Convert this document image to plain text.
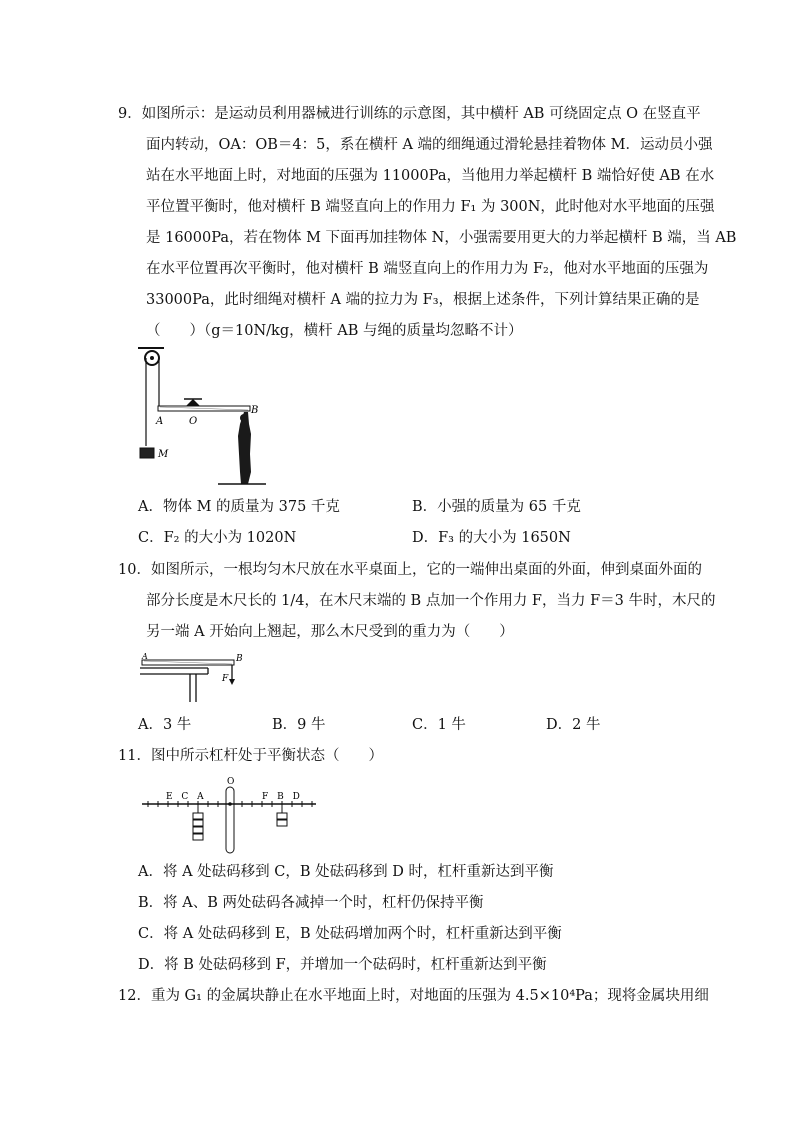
9．如图所示：是运动员利用器械进行训练的示意图，其中横杆 AB 可绕固定点 O 在竖直平
面内转动，OA：OB＝4：5，系在横杆 A 端的细绳通过滑轮悬挂着物体 M．运动员小强
站在水平地面上时，对地面的压强为 11000Pa，当他用力举起横杆 B 端恰好使 AB 在水
平位置平衡时，他对横杆 B 端竖直向上的作用力 F₁ 为 300N，此时他对水平地面的压强
是 16000Pa，若在物体 M 下面再加挂物体 N，小强需要用更大的力举起横杆 B 端，当 AB
在水平位置再次平衡时，他对横杆 B 端竖直向上的作用力为 F₂，他对水平地面的压强为
33000Pa，此时细绳对横杆 A 端的拉力为 F₃，根据上述条件，下列计算结果正确的是
（　　）（g＝10N/kg，横杆 AB 与绳的质量均忽略不计）
A	O
B
M
A．物体 M 的质量为 375 千克	B．小强的质量为 65 千克
C．F₂ 的大小为 1020N	D．F₃ 的大小为 1650N
10．如图所示，一根均匀木尺放在水平桌面上，它的一端伸出桌面的外面，伸到桌面外面的
部分长度是木尺长的 1/4，在木尺末端的 B 点加一个作用力 F，当力 F＝3 牛时，木尺的
另一端 A 开始向上翘起，那么木尺受到的重力为（　　）
A	B
F
A．3 牛	B．9 牛	C．1 牛	D．2 牛
11．图中所示杠杆处于平衡状态（　　）
O
E C A	F B D
A．将 A 处砝码移到 C，B 处砝码移到 D 时，杠杆重新达到平衡
B．将 A、B 两处砝码各减掉一个时，杠杆仍保持平衡
C．将 A 处砝码移到 E，B 处砝码增加两个时，杠杆重新达到平衡
D．将 B 处砝码移到 F，并增加一个砝码时，杠杆重新达到平衡
12．重为 G₁ 的金属块静止在水平地面上时，对地面的压强为 4.5×10⁴Pa；现将金属块用细
